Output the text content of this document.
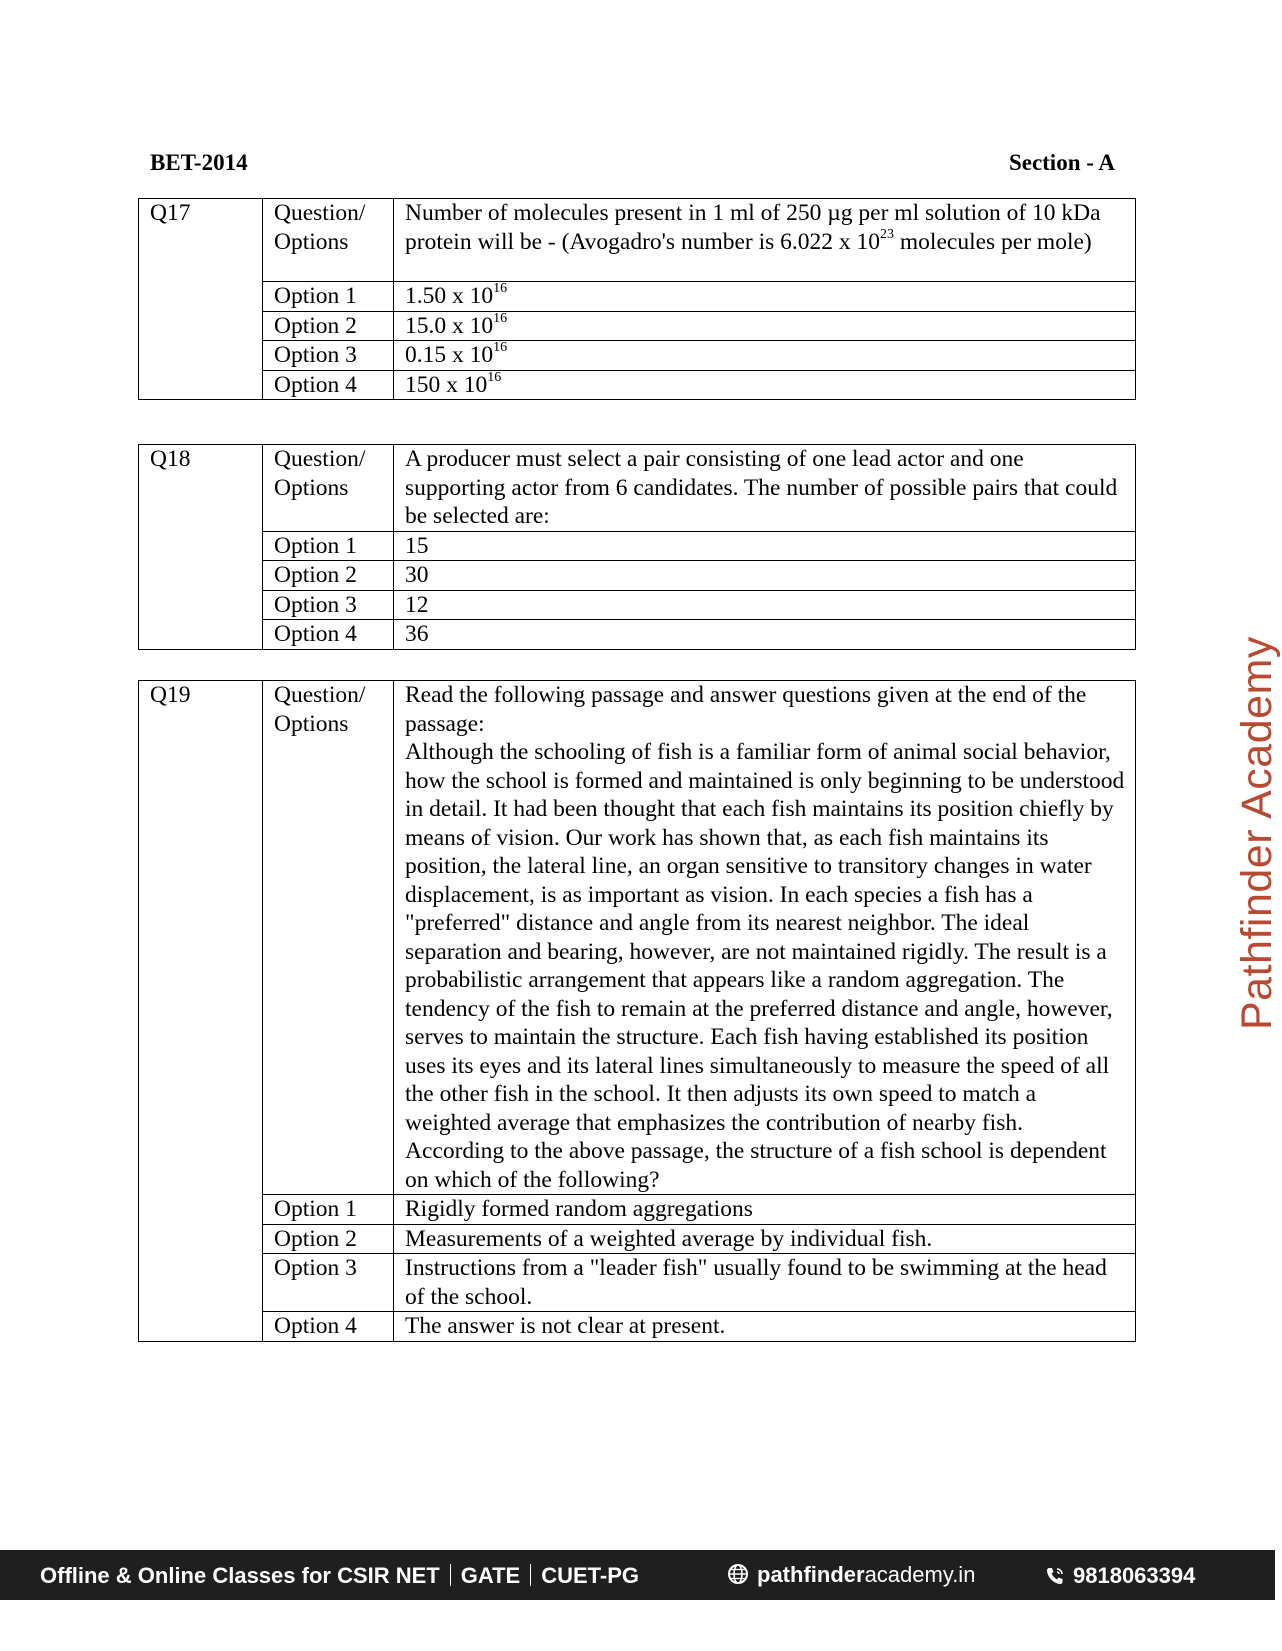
BET-2014	Section - A
Q17	Question/ Options	Number of molecules present in 1 ml of 250 µg per ml solution of 10 kDa protein will be - (Avogadro's number is 6.022 x $10^{23}$ molecules per mole)
	Option 1	1.50 x $10^{16}$
	Option 2	15.0 x $10^{16}$
	Option 3	0.15 x $10^{16}$
	Option 4	150 x $10^{16}$
Q18	Question/ Options	A producer must select a pair consisting of one lead actor and one supporting actor from 6 candidates. The number of possible pairs that could be selected are:
	Option 1	15
	Option 2	30
	Option 3	12
	Option 4	36
Q19	Question/ Options	Read the following passage and answer questions given at the end of the passage:
Although the schooling of fish is a familiar form of animal social behavior, how the school is formed and maintained is only beginning to be understood in detail. It had been thought that each fish maintains its position chiefly by means of vision. Our work has shown that, as each fish maintains its position, the lateral line, an organ sensitive to transitory changes in water displacement, is as important as vision. In each species a fish has a "preferred" distance and angle from its nearest neighbor. The ideal separation and bearing, however, are not maintained rigidly. The result is a probabilistic arrangement that appears like a random aggregation. The tendency of the fish to remain at the preferred distance and angle, however, serves to maintain the structure. Each fish having established its position uses its eyes and its lateral lines simultaneously to measure the speed of all the other fish in the school. It then adjusts its own speed to match a weighted average that emphasizes the contribution of nearby fish.
According to the above passage, the structure of a fish school is dependent on which of the following?

	Option 1	Rigidly formed random aggregations
	Option 2	Measurements of a weighted average by individual fish.
	Option 3	Instructions from a "leader fish" usually found to be swimming at the head of the school.
	Option 4	The answer is not clear at present.
Pathfinder Academy
Offline & Online Classes for CSIR NET GATE CUET-PG	pathfinderacademy.in	9818063394
